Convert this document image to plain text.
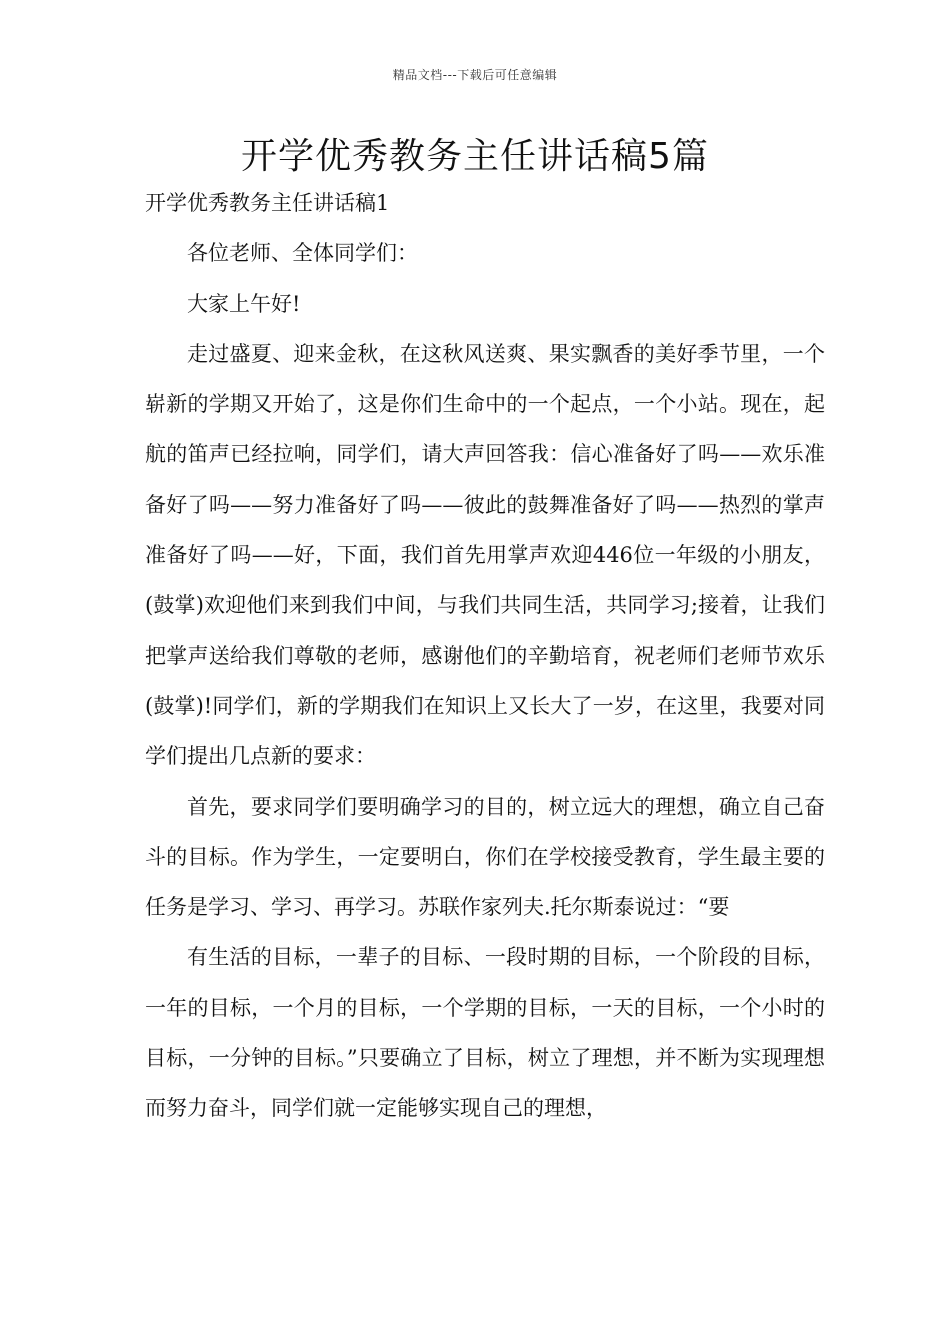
精品文档---下载后可任意编辑
开学优秀教务主任讲话稿5篇

开学优秀教务主任讲话稿1

各位老师、全体同学们：

大家上午好!

走过盛夏、迎来金秋，在这秋风送爽、果实飘香的美好季节里，一个崭新的学期又开始了，这是你们生命中的一个起点，一个小站。现在，起航的笛声已经拉响，同学们，请大声回答我：信心准备好了吗——欢乐准备好了吗——努力准备好了吗——彼此的鼓舞准备好了吗——热烈的掌声准备好了吗——好，下面，我们首先用掌声欢迎446位一年级的小朋友，(鼓掌)欢迎他们来到我们中间，与我们共同生活，共同学习;接着，让我们把掌声送给我们尊敬的老师，感谢他们的辛勤培育，祝老师们老师节欢乐(鼓掌)!同学们，新的学期我们在知识上又长大了一岁，在这里，我要对同学们提出几点新的要求：

首先，要求同学们要明确学习的目的，树立远大的理想，确立自己奋斗的目标。作为学生，一定要明白，你们在学校接受教育，学生最主要的任务是学习、学习、再学习。苏联作家列夫.托尔斯泰说过：“要

有生活的目标，一辈子的目标、一段时期的目标，一个阶段的目标，一年的目标，一个月的目标，一个学期的目标，一天的目标，一个小时的目标，一分钟的目标。”只要确立了目标，树立了理想，并不断为实现理想而努力奋斗，同学们就一定能够实现自己的理想，
